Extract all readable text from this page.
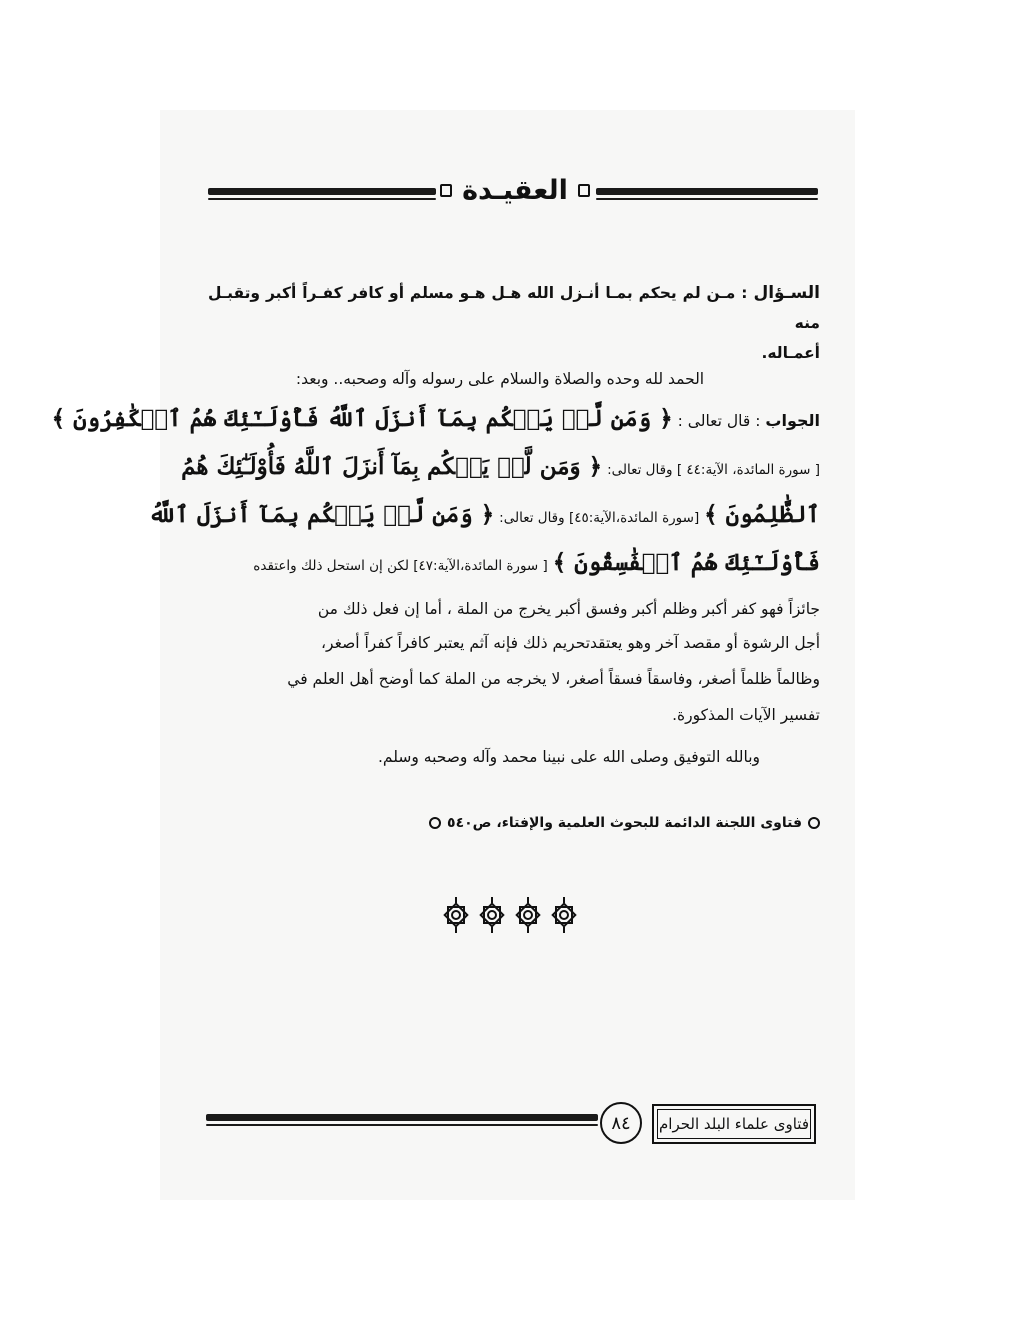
العقيـدة
السـؤال : مـن لم يحكم بمـا أنـزل الله هـل هـو مسلم أو كافر كفـراً أكبر وتقبـل منه
أعمـاله.
الحمد لله وحده والصلاة والسلام على رسوله وآله وصحبه.. وبعد:
الجواب : قال تعالى : ﴿ وَمَن لَّمۡ يَحۡكُم بِمَآ أَنزَلَ ٱللَّهُ فَأُوْلَـٰٓئِكَ هُمُ ٱلۡكَٰفِرُونَ ﴾
[ سورة المائدة، الآية:٤٤ ] وقال تعالى: ﴿ وَمَن لَّمۡ يَحۡكُم بِمَآ أَنزَلَ ٱللَّهُ فَأُوْلَـٰٓئِكَ هُمُ
ٱلظَّٰلِمُونَ ﴾ [سورة المائدة،الآية:٤٥] وقال تعالى: ﴿ وَمَن لَّمۡ يَحۡكُم بِمَآ أَنزَلَ ٱللَّهُ
فَأُوْلَـٰٓئِكَ هُمُ ٱلۡفَٰسِقُونَ ﴾ [ سورة المائدة،الآية:٤٧] لكن إن استحل ذلك واعتقده
جائزاً فهو كفر أكبر وظلم أكبر وفسق أكبر يخرج من الملة ، أما إن فعل ذلك من
أجل الرشوة أو مقصد آخر وهو يعتقدتحريم ذلك فإنه آثم يعتبر كافراً كفراً أصغر،
وظالماً ظلماً أصغر، وفاسقاً فسقاً أصغر، لا يخرجه من الملة كما أوضح أهل العلم في
تفسير الآيات المذكورة.
وبالله التوفيق وصلى الله على نبينا محمد وآله وصحبه وسلم.
فتاوى اللجنة الدائمة للبحوث العلمية والإفتاء، ص٥٤٠
٨٤	فتاوى علماء البلد الحرام
